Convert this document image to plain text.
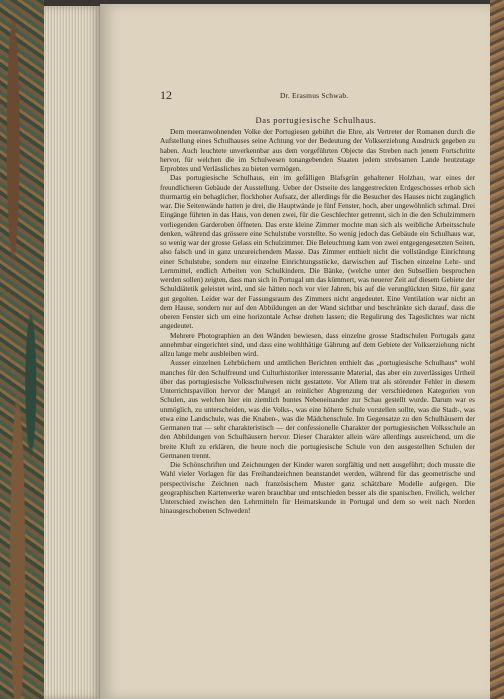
12	Dr. Erasmus Schwab.
Das portugiesische Schulhaus.

Dem meeranwohnenden Volke der Portugiesen gebührt die Ehre, als Vertreter der Romanen durch die Aufstellung eines Schulhauses seine Achtung vor der Bedeutung der Volkserziehung Ausdruck gegeben zu haben. Auch leuchtete unverkennbar aus dem vorgeführten Objecte das Streben nach jenem Fortschritte hervor, für welchen die im Schulwesen tonangebenden Staaten jedem strebsamen Lande heutzutage Erprobtes und Verlässliches zu bieten vermögen.

Das portugiesische Schulhaus, ein im gefälligen Blafsgrün gehaltener Holzbau, war eines der freundlicheren Gebäude der Ausstellung. Ueber der Ostseite des langgestreckten Erdgeschosses erhob sich thurmartig ein behaglicher, flockhoher Aufsatz, der allerdings für die Besucher des Hauses nicht zugänglich war. Die Seitenwände hatten je drei, die Hauptwände je fünf Fenster, hoch, aber ungewöhnlich schmal. Drei Eingänge führten in das Haus, von denen zwei, für die Geschlechter getrennt, sich in die den Schulzimmern vorliegenden Garderoben öffneten. Das erste kleine Zimmer mochte man sich als weibliche Arbeitsschule denken, während das grössere eine Schulstube vorstellte. So wenig jedoch das Gebäude ein Schulhaus war, so wenig war der grosse Gelass ein Schulzimmer. Die Beleuchtung kam von zwei entgegengesetzten Seiten, also falsch und in ganz unzureichendem Masse. Das Zimmer enthielt nicht die vollständige Einrichtung einer Schulstube, sondern nur einzelne Einrichtungsstücke, darwischen auf Tischen einzelne Lehr- und Lernmittel, endlich Arbeiten von Schulkindern. Die Bänke, (welche unter den Subsellien besprochen werden sollen) zeigten, dass man sich in Portugal um das kümmert, was neuerer Zeit auf diesem Gebiete der Schuldiätetik geleistet wird, und sie hätten noch vor vier Jahren, bis auf die verunglückten Sitze, für ganz gut gegolten. Leider war der Fassungsraum des Zimmers nicht angedeutet. Eine Ventilation war nicht an dem Hause, sondern nur auf den Abbildungen an der Wand sichtbar und beschränkte sich darauf, dass die oberen Fenster sich um eine horizontale Achse drehen lassen; die Regulirung des Tageslichtes war nicht angedeutet.

Mehrere Photographien an den Wänden bewiesen, dass einzelne grosse Stadtschulen Portugals ganz annehmbar eingerichtet sind, und dass eine wohlthätige Gährung auf dem Gebiete der Volkserziehung nicht allzu lange mehr ausbleiben wird.

Ausser einzelnen Lehrbüchern und amtlichen Berichten enthielt das „portugiesische Schulhaus“ wohl manches für den Schulfreund und Culturhistoriker interessante Material, das aber ein zuverlässiges Urtheil über das portugiesische Volksschulwesen nicht gestattete. Vor Allem trat als störender Fehler in diesem Unterrichtspavillon hervor der Mangel an reinlicher Abgrenzung der verschiedenen Kategorien von Schulen, aus welchen hier ein ziemlich buntes Nebeneinander zur Schau gestellt wurde. Darum war es unmöglich, zu unterscheiden, was die Volks-, was eine höhere Schule vorstellen sollte, was die Stadt-, was etwa eine Landschule, was die Knaben-, was die Mädchenschule. Im Gegensatze zu den Schulhäusern der Germanen trat — sehr charakteristisch — der confessionelle Charakter der portugiesischen Volksschule an den Abbildungen von Schulhäusern hervor. Dieser Charakter allein wäre allerdings ausreichend, um die breite Kluft zu erklären, die heute noch die portugiesische Schule von den ausgestellten Schulen der Germanen trennt.

Die Schönschriften und Zeichnungen der Kinder waren sorgfältig und nett ausgeführt; doch musste die Wahl vieler Vorlagen für das Freihandzeichnen beanstandet werden, während für das geometrische und perspectivische Zeichnen nach französischem Muster ganz schätzbare Modelle aufgegen. Die geographischen Kartenwerke waren brauchbar und entschieden besser als die spanischen. Freilich, welcher Unterschied zwischen den Lehrmitteln für Heimatskunde in Portugal und dem so weit nach Norden hinausgeschobenen Schweden!
